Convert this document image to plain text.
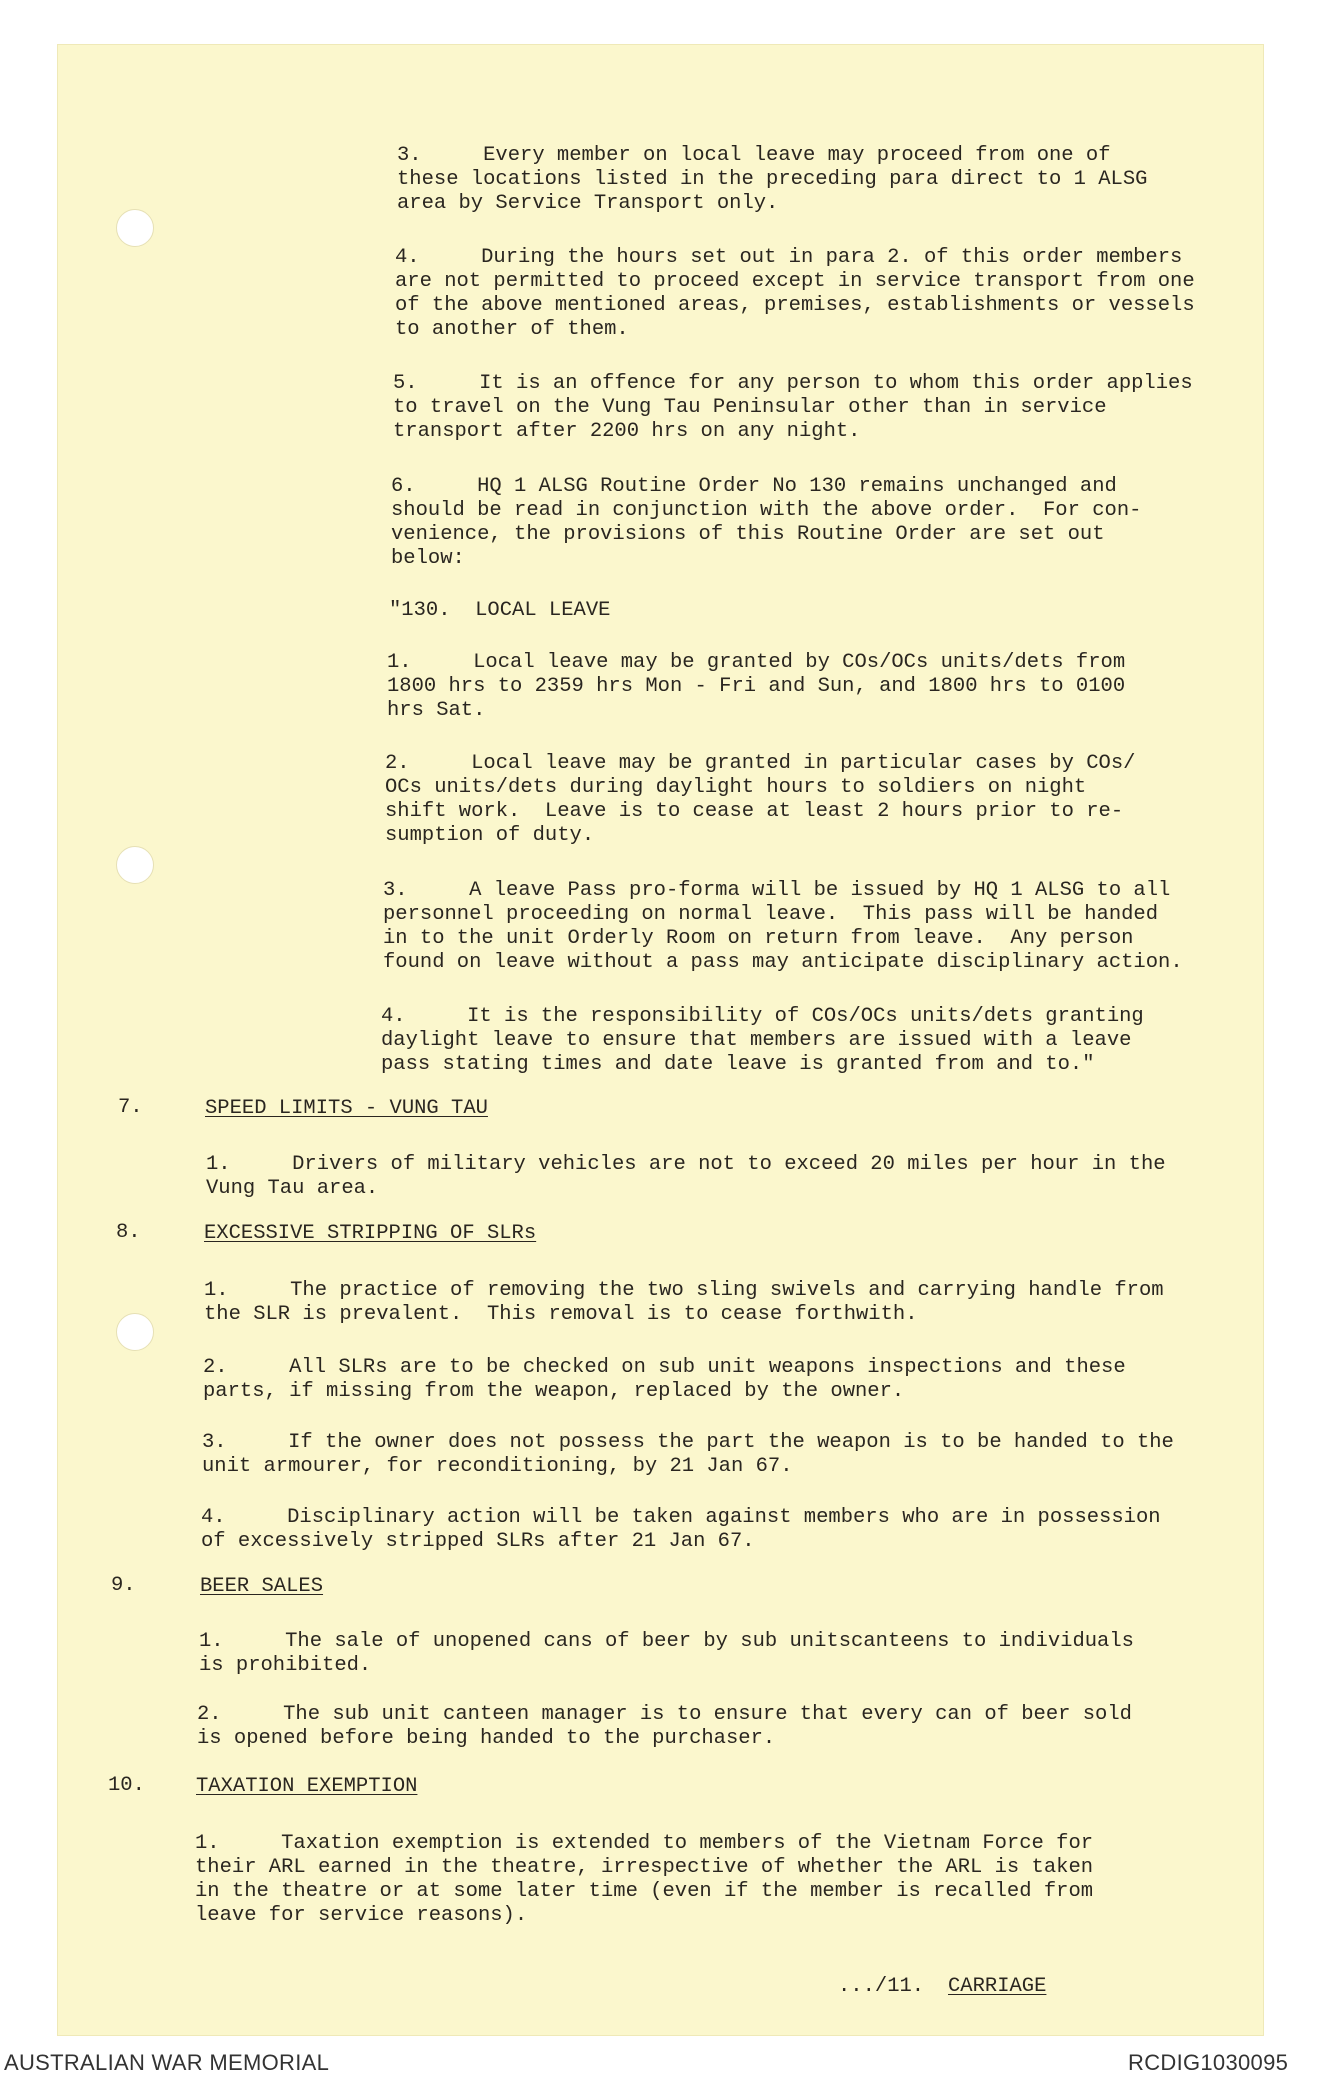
3.     Every member on local leave may proceed from one of

these locations listed in the preceding para direct to 1 ALSG

area by Service Transport only.

4.     During the hours set out in para 2. of this order members

are not permitted to proceed except in service transport from one

of the above mentioned areas, premises, establishments or vessels

to another of them.

5.     It is an offence for any person to whom this order applies

to travel on the Vung Tau Peninsular other than in service

transport after 2200 hrs on any night.

6.     HQ 1 ALSG Routine Order No 130 remains unchanged and

should be read in conjunction with the above order.  For con-

venience, the provisions of this Routine Order are set out

below:

"130.  LOCAL LEAVE

1.     Local leave may be granted by COs/OCs units/dets from

1800 hrs to 2359 hrs Mon - Fri and Sun, and 1800 hrs to 0100

hrs Sat.

2.     Local leave may be granted in particular cases by COs/

OCs units/dets during daylight hours to soldiers on night

shift work.  Leave is to cease at least 2 hours prior to re-

sumption of duty.

3.     A leave Pass pro-forma will be issued by HQ 1 ALSG to all

personnel proceeding on normal leave.  This pass will be handed

in to the unit Orderly Room on return from leave.  Any person

found on leave without a pass may anticipate disciplinary action.

4.     It is the responsibility of COs/OCs units/dets granting

daylight leave to ensure that members are issued with a leave

pass stating times and date leave is granted from and to."

7.	SPEED LIMITS - VUNG TAU

1.     Drivers of military vehicles are not to exceed 20 miles per hour in the

Vung Tau area.

8.	EXCESSIVE STRIPPING OF SLRs

1.     The practice of removing the two sling swivels and carrying handle from

the SLR is prevalent.  This removal is to cease forthwith.

2.     All SLRs are to be checked on sub unit weapons inspections and these

parts, if missing from the weapon, replaced by the owner.

3.     If the owner does not possess the part the weapon is to be handed to the

unit armourer, for reconditioning, by 21 Jan 67.

4.     Disciplinary action will be taken against members who are in possession

of excessively stripped SLRs after 21 Jan 67.

9.	BEER SALES

1.     The sale of unopened cans of beer by sub unitscanteens to individuals

is prohibited.

2.     The sub unit canteen manager is to ensure that every can of beer sold

is opened before being handed to the purchaser.

10. TAXATION EXEMPTION

1.     Taxation exemption is extended to members of the Vietnam Force for

their ARL earned in the theatre, irrespective of whether the ARL is taken

in the theatre or at some later time (even if the member is recalled from

leave for service reasons).

.../11. CARRIAGE

AUSTRALIAN WAR MEMORIAL	RCDIG1030095
